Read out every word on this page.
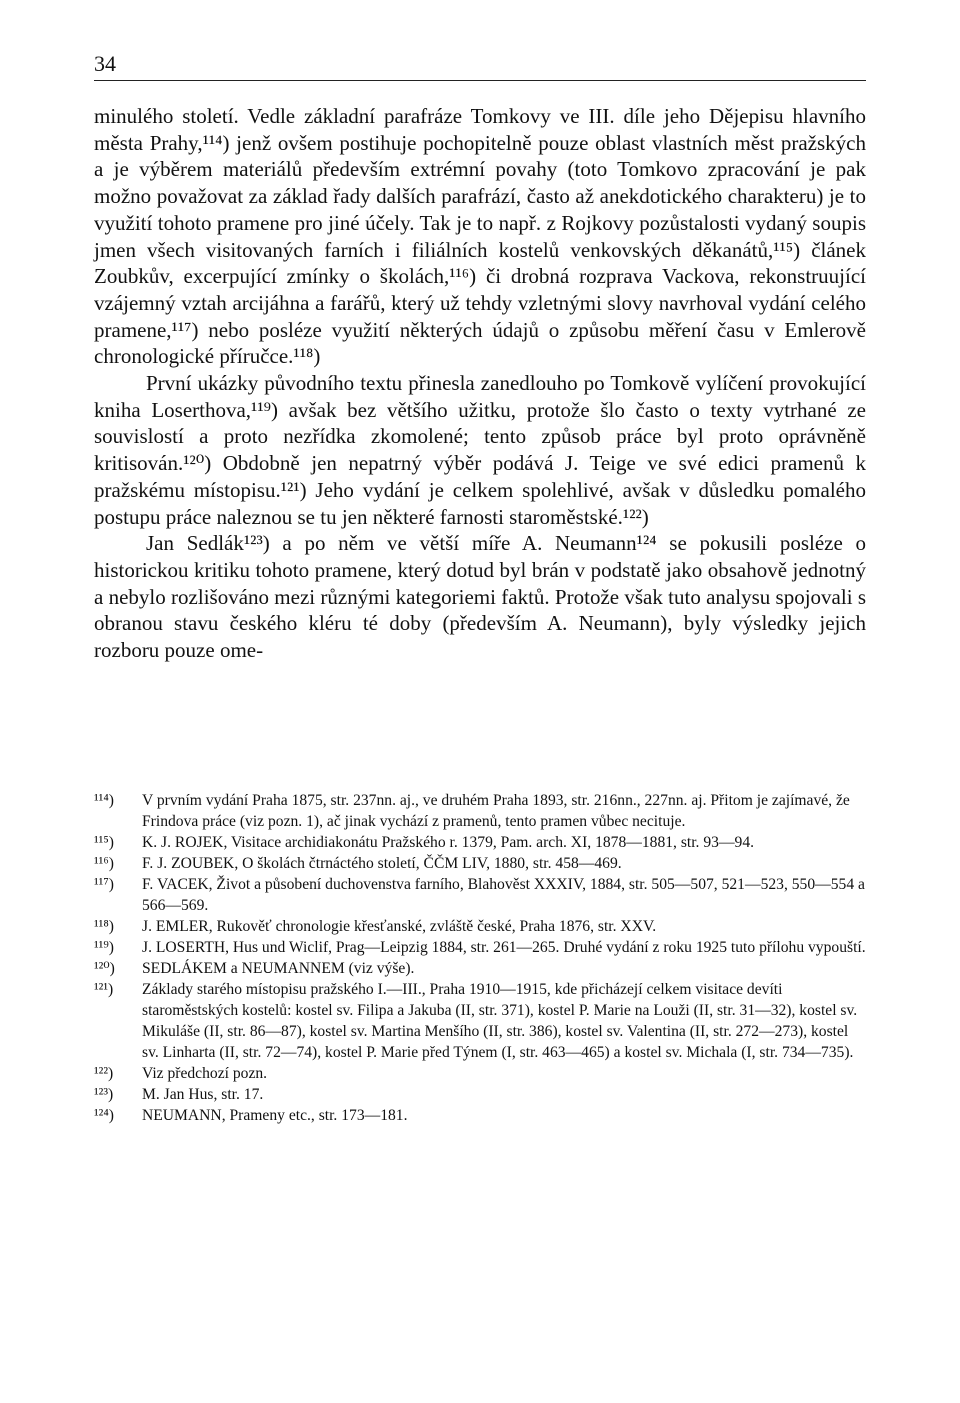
34

minulého století. Vedle základní parafráze Tomkovy ve III. díle jeho Dějepisu hlavního města Prahy,¹¹⁴) jenž ovšem postihuje pochopitelně pouze oblast vlastních měst pražských a je výběrem materiálů především extrémní povahy (toto Tomkovo zpracování je pak možno považovat za základ řady dalších parafrází, často až anekdotického charakteru) je to využití tohoto pramene pro jiné účely. Tak je to např. z Rojkovy pozůstalosti vydaný soupis jmen všech visitovaných farních i filiálních kostelů venkovských děkanátů,¹¹⁵) článek Zoubkův, excerpující zmínky o školách,¹¹⁶) či drobná rozprava Vackova, rekonstruující vzájemný vztah arcijáhna a farářů, který už tehdy vzletnými slovy navrhoval vydání celého pramene,¹¹⁷) nebo posléze využití některých údajů o způsobu měření času v Emlerově chronologické příručce.¹¹⁸)

První ukázky původního textu přinesla zanedlouho po Tomkově vylíčení provokující kniha Loserthova,¹¹⁹) avšak bez většího užitku, protože šlo často o texty vytrhané ze souvislostí a proto nezřídka zkomolené; tento způsob práce byl proto oprávněně kritisován.¹²⁰) Obdobně jen nepatrný výběr podává J. Teige ve své edici pramenů k pražskému místopisu.¹²¹) Jeho vydání je celkem spolehlivé, avšak v důsledku pomalého postupu práce naleznou se tu jen některé farnosti staroměstské.¹²²)

Jan Sedlák¹²³) a po něm ve větší míře A. Neumann¹²⁴ se pokusili posléze o historickou kritiku tohoto pramene, který dotud byl brán v podstatě jako obsahově jednotný a nebylo rozlišováno mezi různými kategoriemi faktů. Protože však tuto analysu spojovali s obranou stavu českého kléru té doby (především A. Neumann), byly výsledky jejich rozboru pouze ome-

¹¹⁴)	V prvním vydání Praha 1875, str. 237nn. aj., ve druhém Praha 1893, str. 216nn., 227nn. aj. Přitom je zajímavé, že Frindova práce (viz pozn. 1), ač jinak vychází z pramenů, tento pramen vůbec necituje.
¹¹⁵)	K. J. ROJEK, Visitace archidiakonátu Pražského r. 1379, Pam. arch. XI, 1878—1881, str. 93—94.
¹¹⁶)	F. J. ZOUBEK, O školách čtrnáctého století, ČČM LIV, 1880, str. 458—469.
¹¹⁷)	F. VACEK, Život a působení duchovenstva farního, Blahověst XXXIV, 1884, str. 505—507, 521—523, 550—554 a 566—569.
¹¹⁸)	J. EMLER, Rukověť chronologie křesťanské, zvláště české, Praha 1876, str. XXV.
¹¹⁹)	J. LOSERTH, Hus und Wiclif, Prag—Leipzig 1884, str. 261—265. Druhé vydání z roku 1925 tuto přílohu vypouští.
¹²⁰)	SEDLÁKEM a NEUMANNEM (viz výše).
¹²¹)	Základy starého místopisu pražského I.—III., Praha 1910—1915, kde přicházejí celkem visitace devíti staroměstských kostelů: kostel sv. Filipa a Jakuba (II, str. 371), kostel P. Marie na Louži (II, str. 31—32), kostel sv. Mikuláše (II, str. 86—87), kostel sv. Martina Menšího (II, str. 386), kostel sv. Valentina (II, str. 272—273), kostel sv. Linharta (II, str. 72—74), kostel P. Marie před Týnem (I, str. 463—465) a kostel sv. Michala (I, str. 734—735).
¹²²)	Viz předchozí pozn.
¹²³)	M. Jan Hus, str. 17.
¹²⁴)	NEUMANN, Prameny etc., str. 173—181.
